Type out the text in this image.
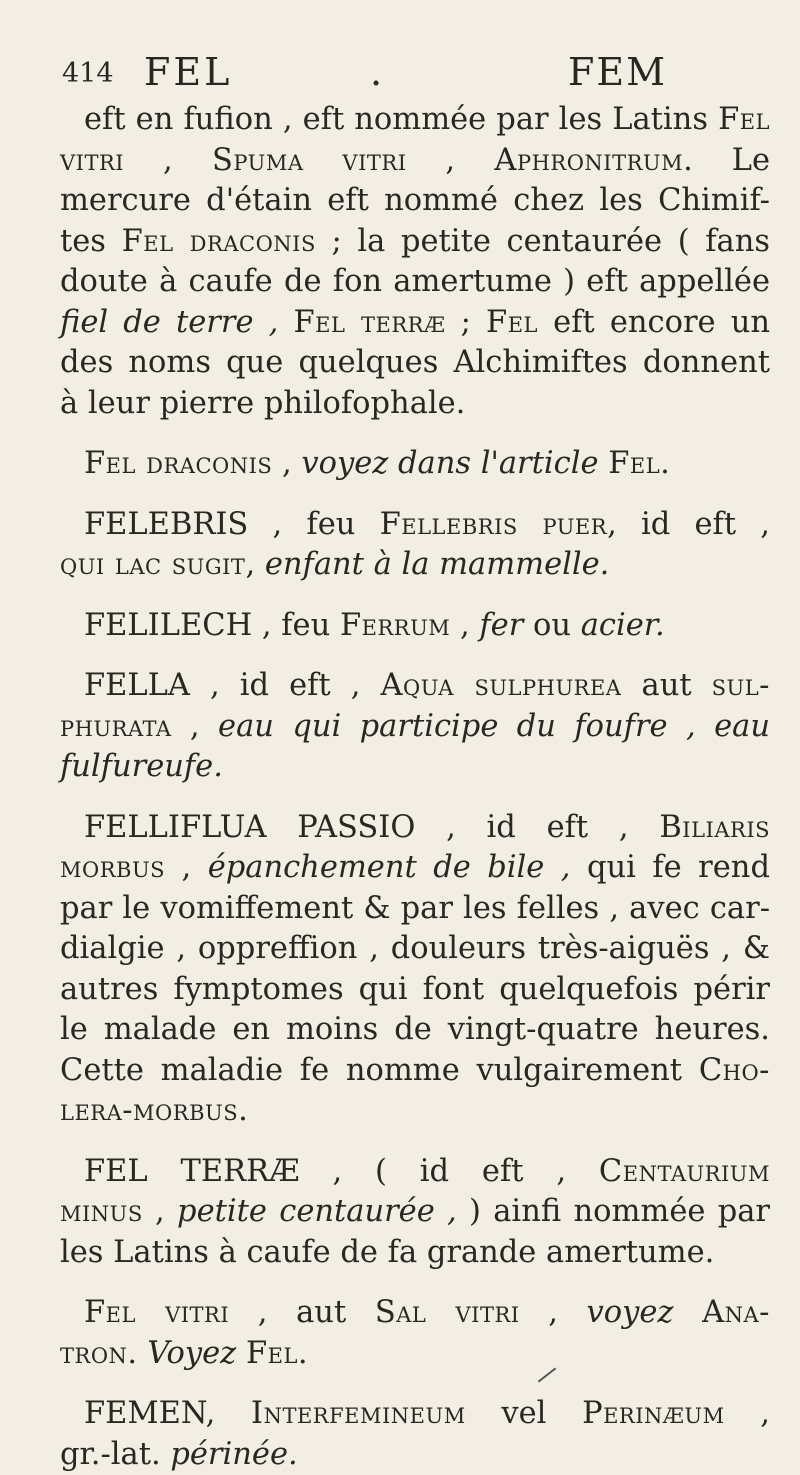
414 FEL	.	FEM
eft en fufion , eft nommée par les Latins Fel
vitri , Spuma vitri , Aphronitrum. Le
mercure d'étain eft nommé chez les Chimif-
tes Fel draconis ; la petite centaurée ( fans
doute à caufe de fon amertume ) eft appellée
fiel de terre , Fel terræ ; Fel eft encore un
des noms que quelques Alchimiftes donnent
à leur pierre philofophale.
Fel draconis , voyez dans l'article Fel.
FELEBRIS , feu Fellebris puer, id eft ,
qui lac sugit, enfant à la mammelle.
FELILECH , feu Ferrum , fer ou acier.
FELLA , id eft , Aqua sulphurea aut sul-
phurata , eau qui participe du foufre , eau
fulfureufe.
FELLIFLUA PASSIO , id eft , Biliaris
morbus , épanchement de bile , qui fe rend
par le vomiffement & par les felles , avec car-
dialgie , oppreffion , douleurs très-aiguës , &
autres fymptomes qui font quelquefois périr
le malade en moins de vingt-quatre heures.
Cette maladie fe nomme vulgairement Cho-
lera-morbus.
FEL TERRÆ , ( id eft , Centaurium
minus , petite centaurée , ) ainfi nommée par
les Latins à caufe de fa grande amertume.
Fel vitri , aut Sal vitri , voyez Ana-
tron. Voyez Fel.
FEMEN, Interfemineum vel Perinæum ,
gr.-lat. périnée.
